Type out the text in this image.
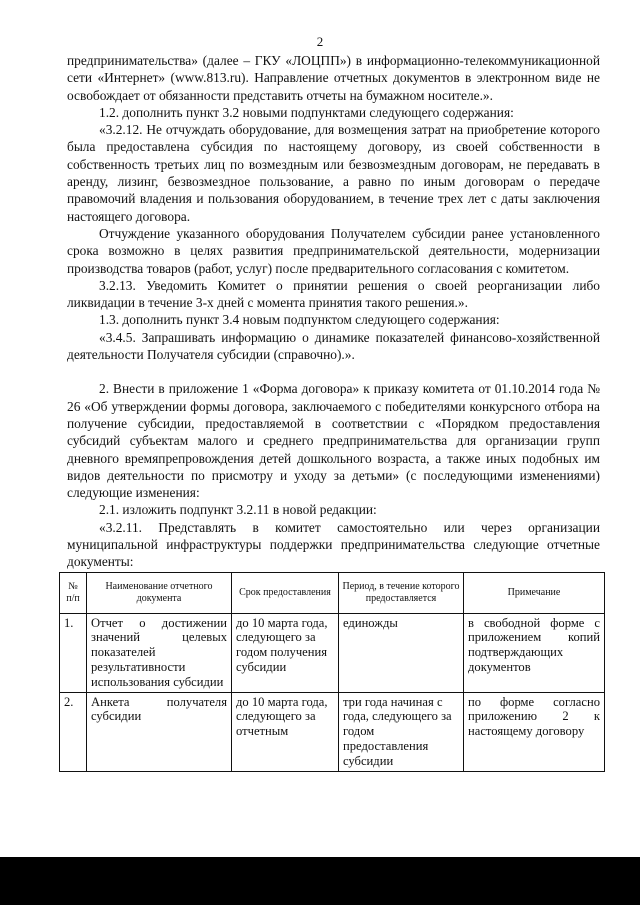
2

предпринимательства» (далее – ГКУ «ЛОЦПП») в информационно-телекоммуникационной сети «Интернет» (www.813.ru). Направление отчетных документов в электронном виде не освобождает от обязанности представить отчеты на бумажном носителе.».

1.2. дополнить пункт 3.2 новыми подпунктами следующего содержания:

«3.2.12. Не отчуждать оборудование, для возмещения затрат на приобретение которого была предоставлена субсидия по настоящему договору, из своей собственности в собственность третьих лиц по возмездным или безвозмездным договорам, не передавать в аренду, лизинг, безвозмездное пользование, а равно по иным договорам о передаче правомочий владения и пользования оборудованием, в течение трех лет с даты заключения настоящего договора.

Отчуждение указанного оборудования Получателем субсидии ранее установленного срока возможно в целях развития предпринимательской деятельности, модернизации производства товаров (работ, услуг) после предварительного согласования с комитетом.

3.2.13. Уведомить Комитет о принятии решения о своей реорганизации либо ликвидации в течение 3-х дней с момента принятия такого решения.».

1.3. дополнить пункт 3.4 новым подпунктом следующего содержания:

«3.4.5. Запрашивать информацию о динамике показателей финансово-хозяйственной деятельности Получателя субсидии (справочно).».

2. Внести в приложение 1 «Форма договора» к приказу комитета от 01.10.2014 года № 26 «Об утверждении формы договора, заключаемого с победителями конкурсного отбора на получение субсидии, предоставляемой в соответствии с «Порядком предоставления субсидий субъектам малого и среднего предпринимательства для организации групп дневного времяпрепровождения детей дошкольного возраста, а также иных подобных им видов деятельности по присмотру и уходу за детьми» (с последующими изменениями) следующие изменения:

2.1. изложить подпункт 3.2.11 в новой редакции:

«3.2.11. Представлять в комитет самостоятельно или через организации муниципальной инфраструктуры поддержки предпринимательства следующие отчетные документы:

№ п/п	Наименование отчетного документа	Срок предоставления	Период, в течение которого предоставляется	Примечание
1.	Отчет о достижении значений целевых показателей результативности использования субсидии	до 10 марта года, следующего за годом получения субсидии	единожды	в свободной форме с приложением копий подтверждающих документов
2.	Анкета получателя субсидии	до 10 марта года, следующего за отчетным	три года начиная с года, следующего за годом предоставления субсидии	по форме согласно приложению 2 к настоящему договору
